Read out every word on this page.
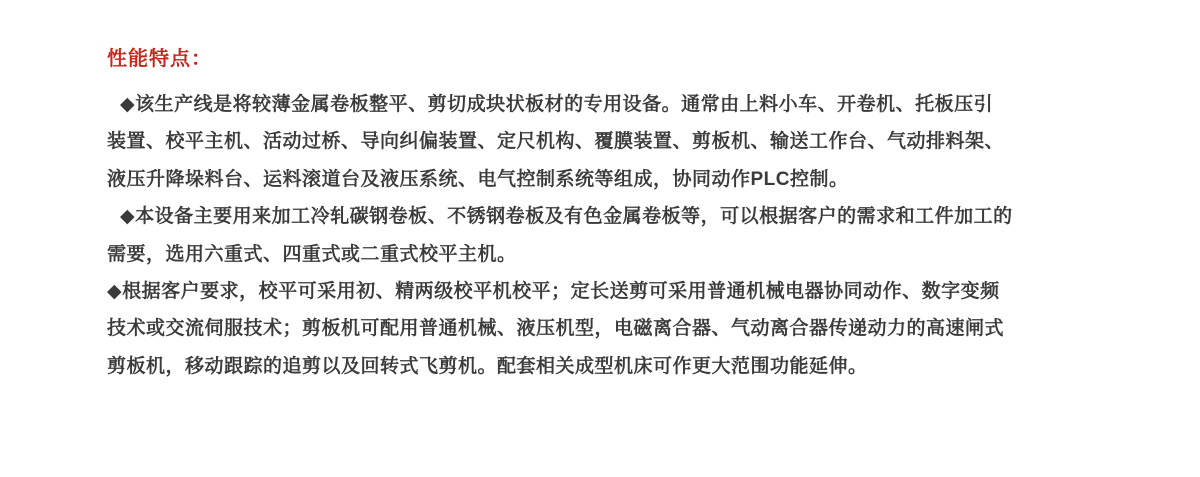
性能特点：

◆该生产线是将较薄金属卷板整平、剪切成块状板材的专用设备。通常由上料小车、开卷机、托板压引

装置、校平主机、活动过桥、导向纠偏装置、定尺机构、覆膜装置、剪板机、输送工作台、气动排料架、

液压升降垛料台、运料滚道台及液压系统、电气控制系统等组成，协同动作PLC控制。

◆本设备主要用来加工冷轧碳钢卷板、不锈钢卷板及有色金属卷板等，可以根据客户的需求和工件加工的

需要，选用六重式、四重式或二重式校平主机。

◆根据客户要求，校平可采用初、精两级校平机校平；定长送剪可采用普通机械电器协同动作、数字变频

技术或交流伺服技术；剪板机可配用普通机械、液压机型，电磁离合器、气动离合器传递动力的高速闸式

剪板机，移动跟踪的追剪以及回转式飞剪机。配套相关成型机床可作更大范围功能延伸。
